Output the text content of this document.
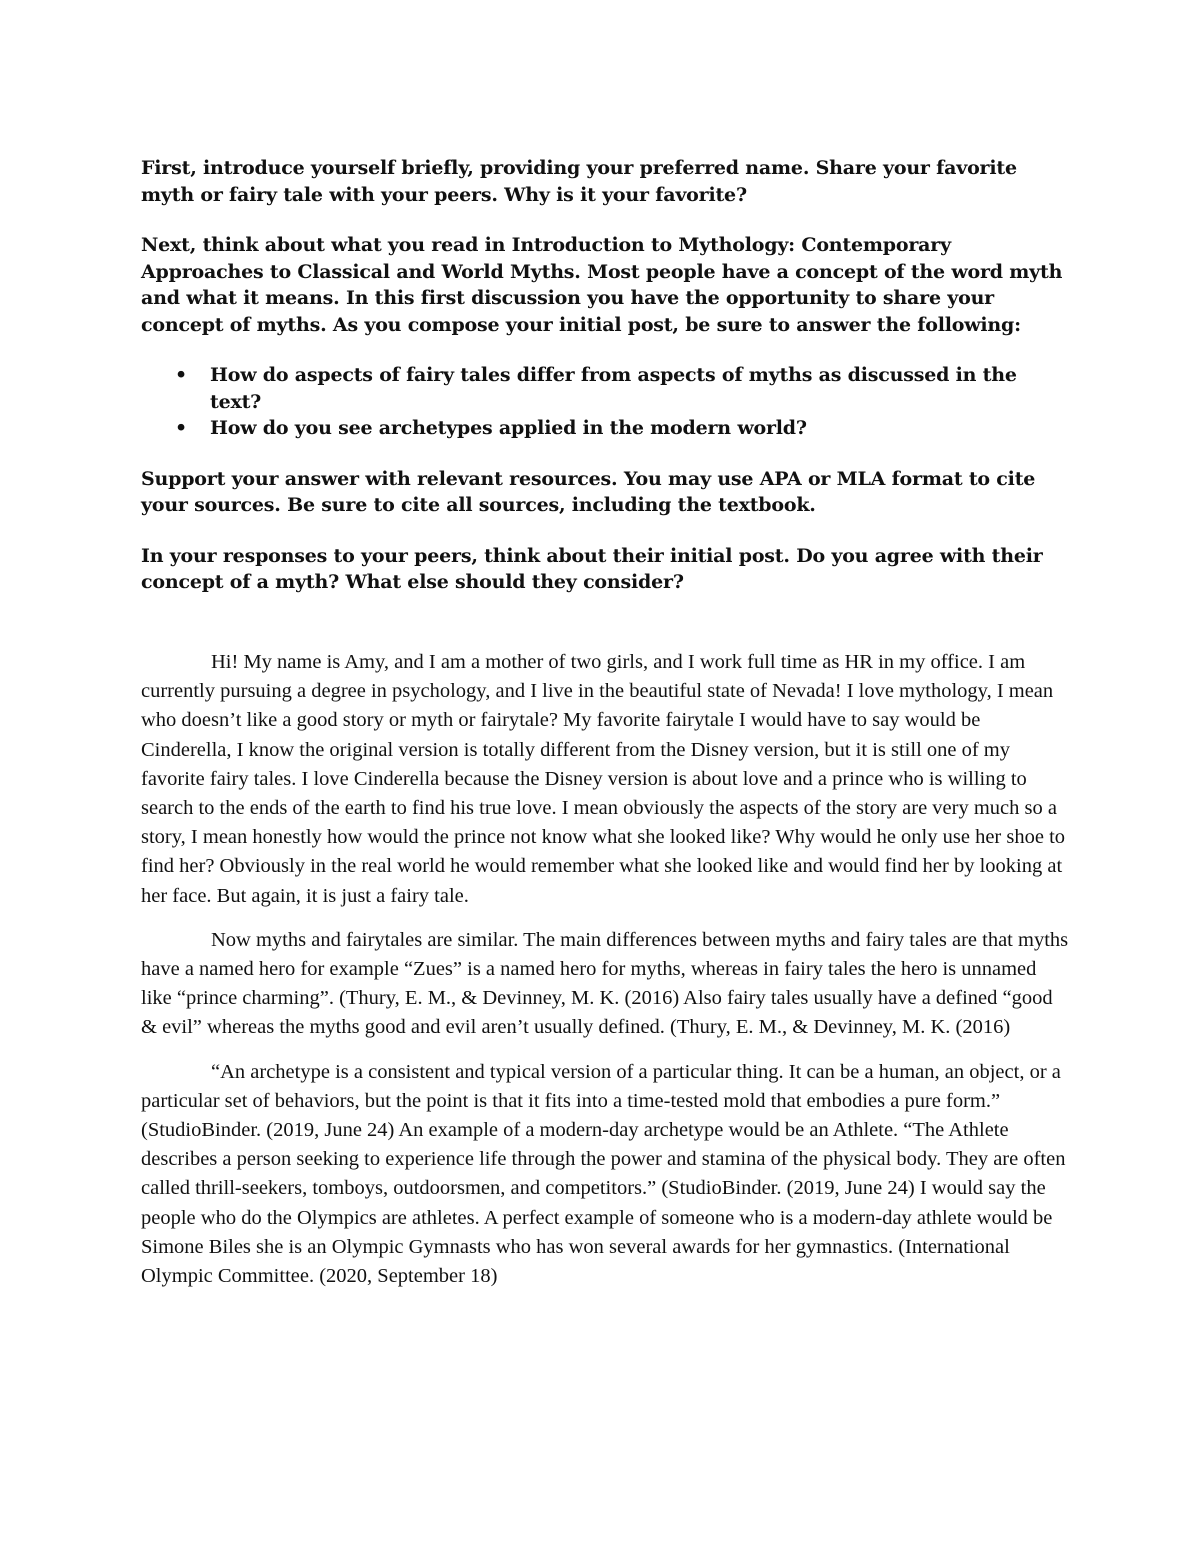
First, introduce yourself briefly, providing your preferred name. Share your favorite myth or fairy tale with your peers. Why is it your favorite?

Next, think about what you read in Introduction to Mythology: Contemporary Approaches to Classical and World Myths. Most people have a concept of the word myth and what it means. In this first discussion you have the opportunity to share your concept of myths. As you compose your initial post, be sure to answer the following:

• How do aspects of fairy tales differ from aspects of myths as discussed in the text?
• How do you see archetypes applied in the modern world?

Support your answer with relevant resources. You may use APA or MLA format to cite your sources. Be sure to cite all sources, including the textbook.

In your responses to your peers, think about their initial post. Do you agree with their concept of a myth? What else should they consider?

Hi! My name is Amy, and I am a mother of two girls, and I work full time as HR in my office. I am currently pursuing a degree in psychology, and I live in the beautiful state of Nevada! I love mythology, I mean who doesn’t like a good story or myth or fairytale? My favorite fairytale I would have to say would be Cinderella, I know the original version is totally different from the Disney version, but it is still one of my favorite fairy tales. I love Cinderella because the Disney version is about love and a prince who is willing to search to the ends of the earth to find his true love. I mean obviously the aspects of the story are very much so a story, I mean honestly how would the prince not know what she looked like? Why would he only use her shoe to find her? Obviously in the real world he would remember what she looked like and would find her by looking at her face. But again, it is just a fairy tale.

Now myths and fairytales are similar. The main differences between myths and fairy tales are that myths have a named hero for example “Zues” is a named hero for myths, whereas in fairy tales the hero is unnamed like “prince charming”. (Thury, E. M., & Devinney, M. K. (2016) Also fairy tales usually have a defined “good & evil” whereas the myths good and evil aren’t usually defined. (Thury, E. M., & Devinney, M. K. (2016)

“An archetype is a consistent and typical version of a particular thing. It can be a human, an object, or a particular set of behaviors, but the point is that it fits into a time-tested mold that embodies a pure form.” (StudioBinder. (2019, June 24) An example of a modern-day archetype would be an Athlete. “The Athlete describes a person seeking to experience life through the power and stamina of the physical body. They are often called thrill-seekers, tomboys, outdoorsmen, and competitors.” (StudioBinder. (2019, June 24) I would say the people who do the Olympics are athletes. A perfect example of someone who is a modern-day athlete would be Simone Biles she is an Olympic Gymnasts who has won several awards for her gymnastics. (International Olympic Committee. (2020, September 18)
